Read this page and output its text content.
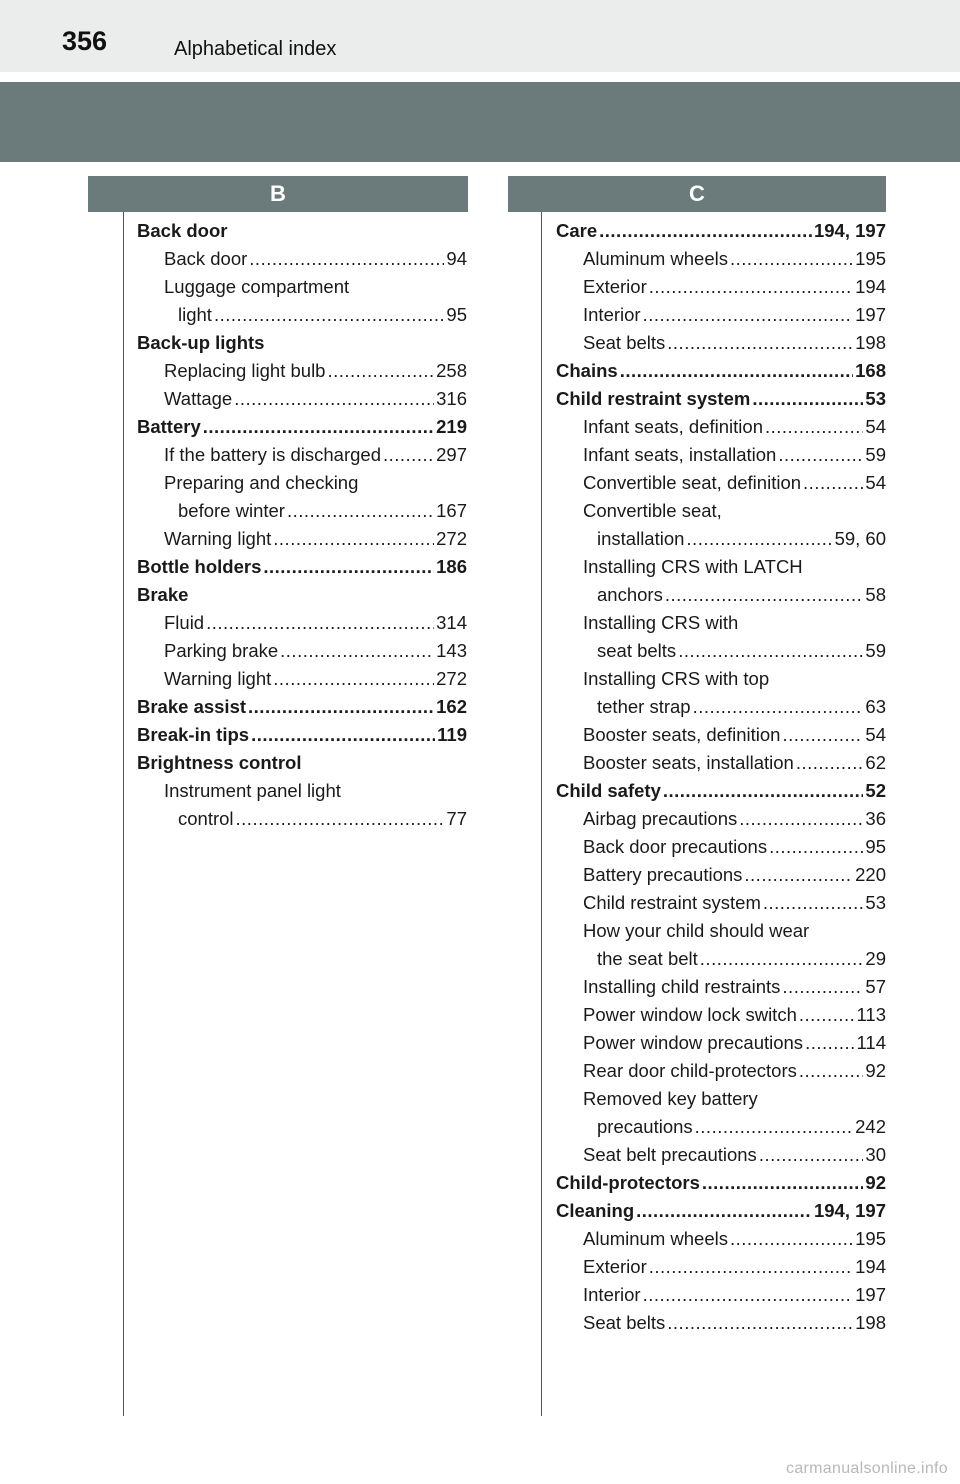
356	Alphabetical index
B	C
Back door
Back door .....	94
Luggage compartment
light .....	95
Back-up lights
Replacing light bulb .....	258
Wattage .....	316
Battery .....	219
If the battery is discharged .....	297
Preparing and checking
before winter .....	167
Warning light .....	272
Bottle holders .....	186
Brake
Fluid .....	314
Parking brake .....	143
Warning light .....	272
Brake assist .....	162
Break-in tips .....	119
Brightness control
Instrument panel light
control .....	77
Care .....	194, 197
Aluminum wheels .....	195
Exterior .....	194
Interior .....	197
Seat belts .....	198
Chains .....	168
Child restraint system .....	53
Infant seats, definition .....	54
Infant seats, installation .....	59
Convertible seat, definition .....	54
Convertible seat,
installation .....	59, 60
Installing CRS with LATCH
anchors .....	58
Installing CRS with
seat belts .....	59
Installing CRS with top
tether strap .....	63
Booster seats, definition .....	54
Booster seats, installation .....	62
Child safety .....	52
Airbag precautions .....	36
Back door precautions .....	95
Battery precautions .....	220
Child restraint system .....	53
How your child should wear
the seat belt .....	29
Installing child restraints .....	57
Power window lock switch .....	113
Power window precautions .....	114
Rear door child-protectors .....	92
Removed key battery
precautions .....	242
Seat belt precautions .....	30
Child-protectors .....	92
Cleaning .....	194, 197
Aluminum wheels .....	195
Exterior .....	194
Interior .....	197
Seat belts .....	198
carmanualsonline.info
